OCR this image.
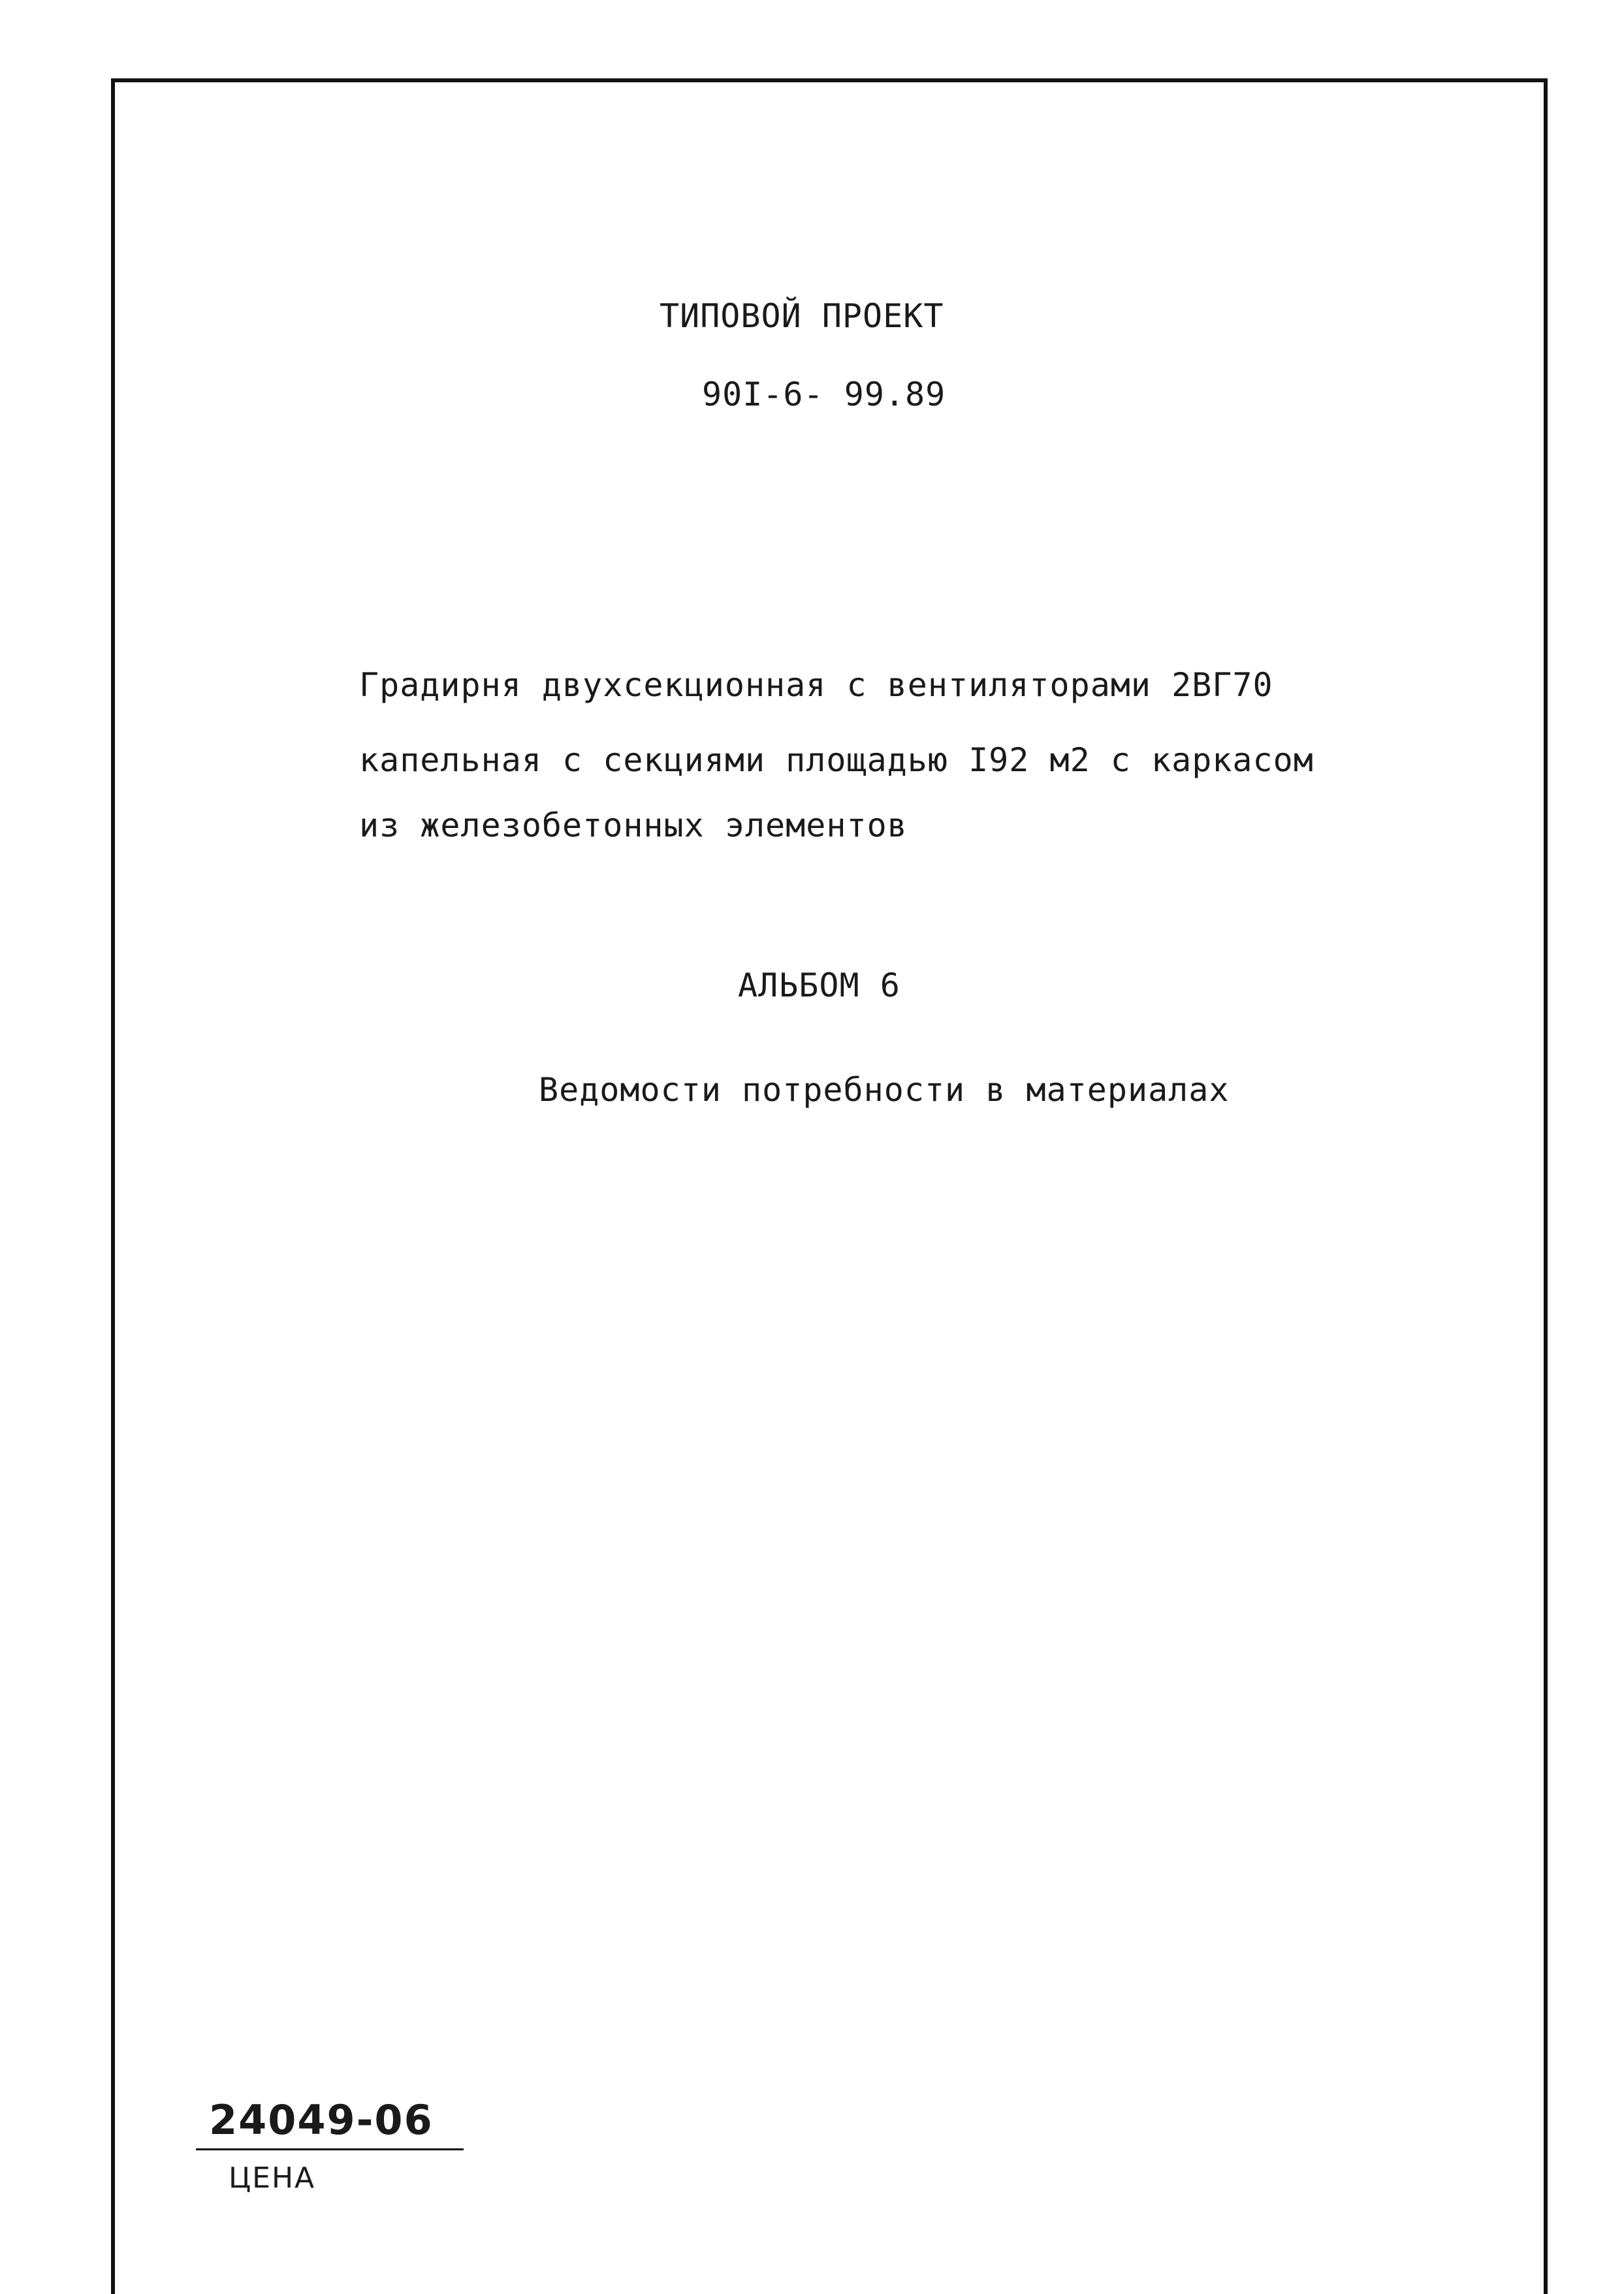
ТИПОВОЙ ПРОЕКТ
90I-6- 99.89
Градирня двухсекционная с вентиляторами 2ВГ70
капельная с секциями площадью I92 м2 с каркасом
из железобетонных элементов
АЛЬБОМ 6
Ведомости потребности в материалах
24049-06
ЦЕНА
